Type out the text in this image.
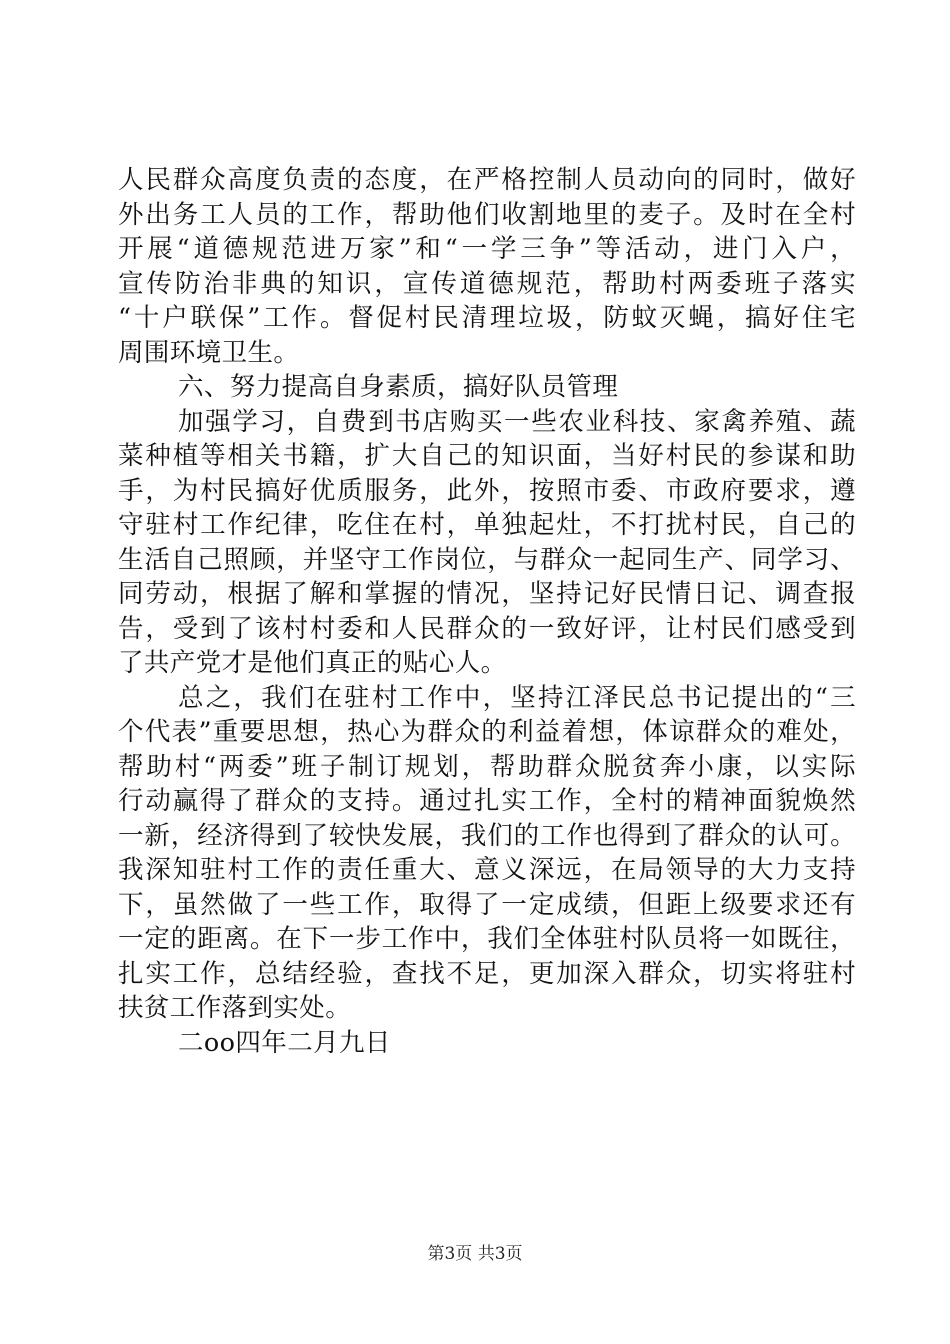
人民群众高度负责的态度，在严格控制人员动向的同时，做好
外出务工人员的工作，帮助他们收割地里的麦子。及时在全村
开展“道德规范进万家”和“一学三争”等活动，进门入户，
宣传防治非典的知识，宣传道德规范，帮助村两委班子落实
“十户联保”工作。督促村民清理垃圾，防蚊灭蝇，搞好住宅
周围环境卫生。
六、努力提高自身素质，搞好队员管理
加强学习，自费到书店购买一些农业科技、家禽养殖、蔬
菜种植等相关书籍，扩大自己的知识面，当好村民的参谋和助
手，为村民搞好优质服务，此外，按照市委、市政府要求，遵
守驻村工作纪律，吃住在村，单独起灶，不打扰村民，自己的
生活自己照顾，并坚守工作岗位，与群众一起同生产、同学习、
同劳动，根据了解和掌握的情况，坚持记好民情日记、调查报
告，受到了该村村委和人民群众的一致好评，让村民们感受到
了共产党才是他们真正的贴心人。
总之，我们在驻村工作中，坚持江泽民总书记提出的“三
个代表”重要思想，热心为群众的利益着想，体谅群众的难处，
帮助村“两委”班子制订规划，帮助群众脱贫奔小康，以实际
行动赢得了群众的支持。通过扎实工作，全村的精神面貌焕然
一新，经济得到了较快发展，我们的工作也得到了群众的认可。
我深知驻村工作的责任重大、意义深远，在局领导的大力支持
下，虽然做了一些工作，取得了一定成绩，但距上级要求还有
一定的距离。在下一步工作中，我们全体驻村队员将一如既往，
扎实工作，总结经验，查找不足，更加深入群众，切实将驻村
扶贫工作落到实处。
二oo四年二月九日
第3页 共3页
